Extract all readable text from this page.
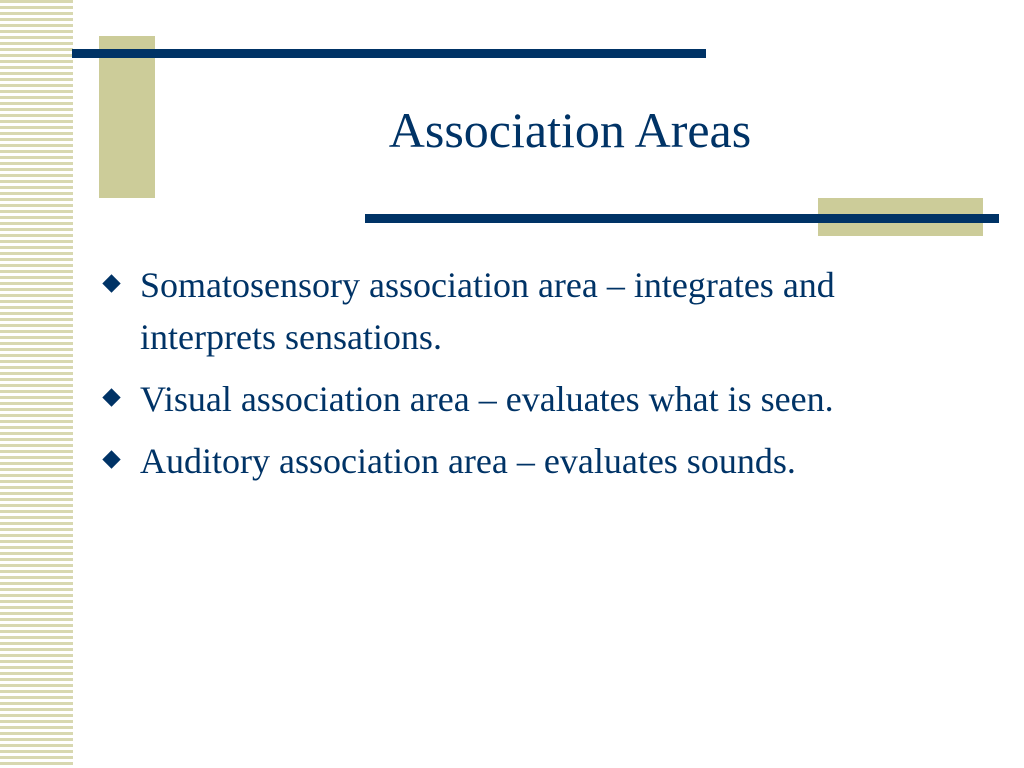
Association Areas
Somatosensory association area – integrates and interprets sensations.
Visual association area – evaluates what is seen.
Auditory association area – evaluates sounds.
